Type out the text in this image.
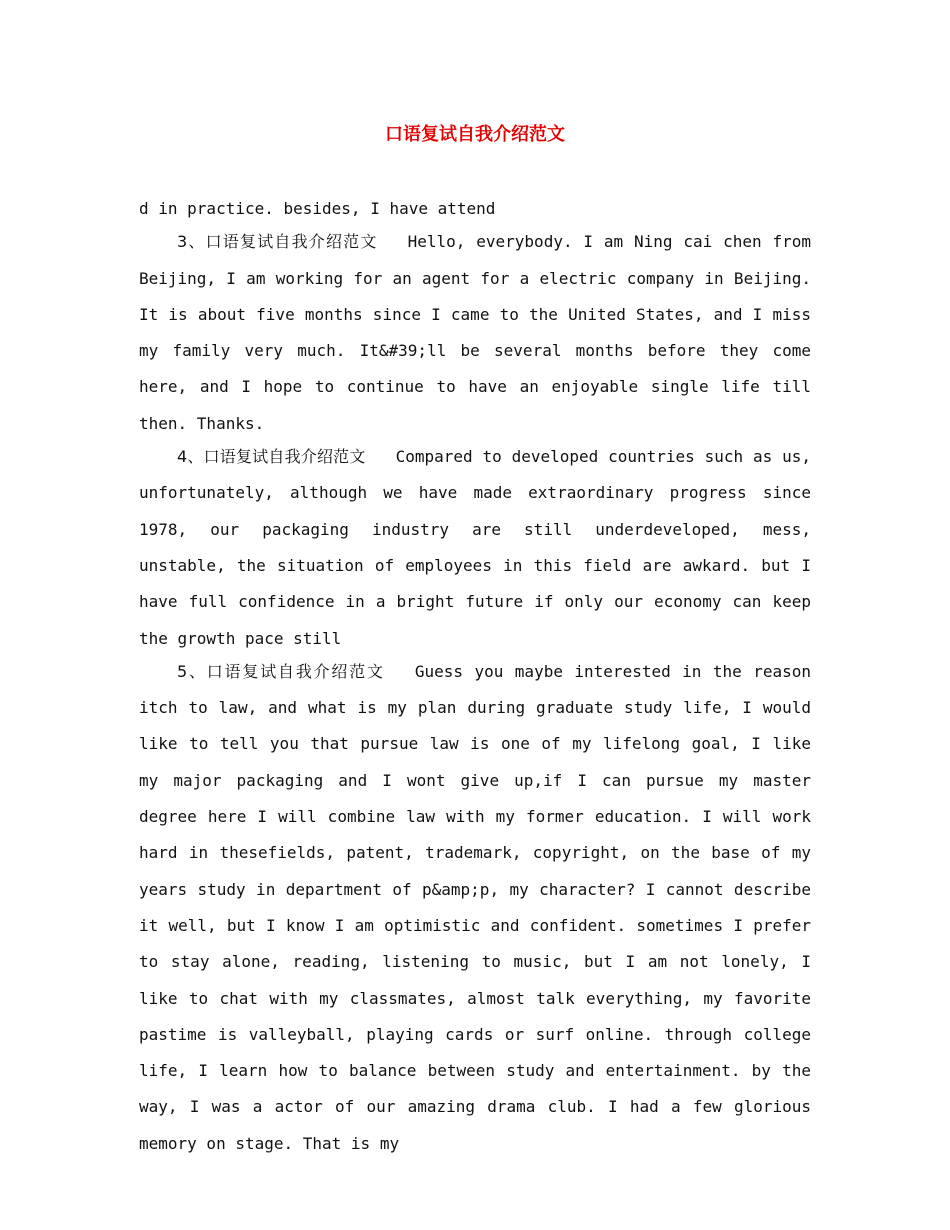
口语复试自我介绍范文

d in practice. besides, I have attend

3、口语复试自我介绍范文 Hello, everybody. I am Ning cai chen from Beijing, I am working for an agent for a electric company in Beijing. It is about five months since I came to the United States, and I miss my family very much. It&#39;ll be several months before they come here, and I hope to continue to have an enjoyable single life till then. Thanks.

4、口语复试自我介绍范文 Compared to developed countries such as us, unfortunately, although we have made extraordinary progress since 1978, our packaging industry are still underdeveloped, mess, unstable, the situation of employees in this field are awkard. but I have full confidence in a bright future if only our economy can keep the growth pace still

5、口语复试自我介绍范文 Guess you maybe interested in the reason itch to law, and what is my plan during graduate study life, I would like to tell you that pursue law is one of my lifelong goal, I like my major packaging and I wont give up,if I can pursue my master degree here I will combine law with my former education. I will work hard in thesefields, patent, trademark, copyright, on the base of my years study in department of p&amp;p, my character? I cannot describe it well, but I know I am optimistic and confident. sometimes I prefer to stay alone, reading, listening to music, but I am not lonely, I like to chat with my classmates, almost talk everything, my favorite pastime is valleyball, playing cards or surf online. through college life, I learn how to balance between study and entertainment. by the way, I was a actor of our amazing drama club. I had a few glorious memory on stage. That is my
